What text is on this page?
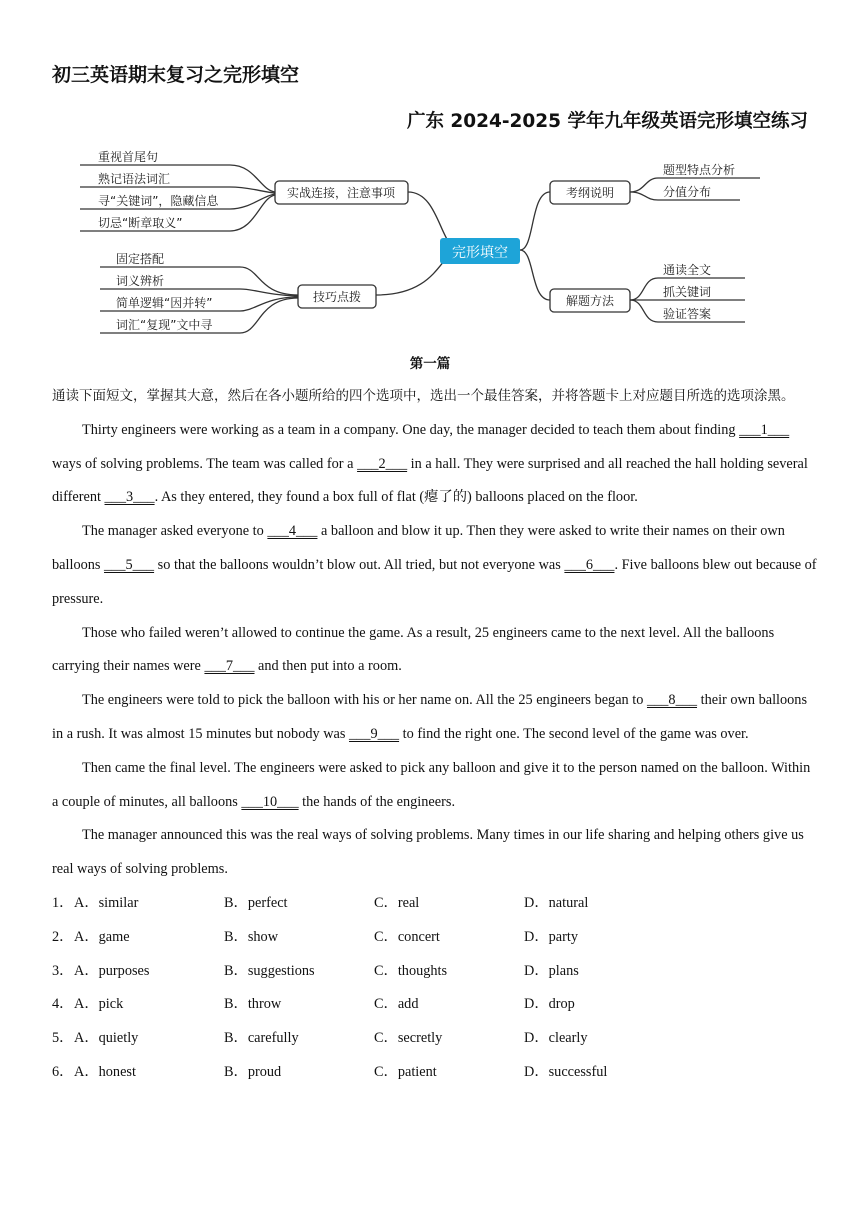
初三英语期末复习之完形填空
广东 2024-2025 学年九年级英语完形填空练习
完形填空
实战连接，注意事项
技巧点拨
考纲说明
解题方法
重视首尾句
熟记语法词汇
寻“关键词”，隐藏信息
切忌“断章取义”
固定搭配
词义辨析
简单逻辑“因并转”
词汇“复现”文中寻
题型特点分析
分值分布
通读全文
抓关键词
验证答案
第一篇

通读下面短文，掌握其大意，然后在各小题所给的四个选项中，选出一个最佳答案，并将答题卡上对应题目所选的选项涂黑。

Thirty engineers were working as a team in a company. One day, the manager decided to teach them about finding ___1___ ways of solving problems. The team was called for a ___2___ in a hall. They were surprised and all reached the hall holding several different ___3___. As they entered, they found a box full of flat (瘪了的) balloons placed on the floor.

The manager asked everyone to ___4___ a balloon and blow it up. Then they were asked to write their names on their own balloons ___5___ so that the balloons wouldn’t blow out. All tried, but not everyone was ___6___. Five balloons blew out because of pressure.

Those who failed weren’t allowed to continue the game. As a result, 25 engineers came to the next level. All the balloons carrying their names were ___7___ and then put into a room.

The engineers were told to pick the balloon with his or her name on. All the 25 engineers began to ___8___ their own balloons in a rush. It was almost 15 minutes but nobody was ___9___ to find the right one. The second level of the game was over.

Then came the final level. The engineers were asked to pick any balloon and give it to the person named on the balloon. Within a couple of minutes, all balloons ___10___ the hands of the engineers.

The manager announced this was the real ways of solving problems. Many times in our life sharing and helping others give us real ways of solving problems.

1． A．similar	B．perfect	C．real	D．natural
2． A．game	B．show	C．concert	D．party
3． A．purposes	B．suggestions	C．thoughts	D．plans
4． A．pick	B．throw	C．add	D．drop
5． A．quietly	B．carefully	C．secretly	D．clearly
6． A．honest	B．proud	C．patient	D．successful
